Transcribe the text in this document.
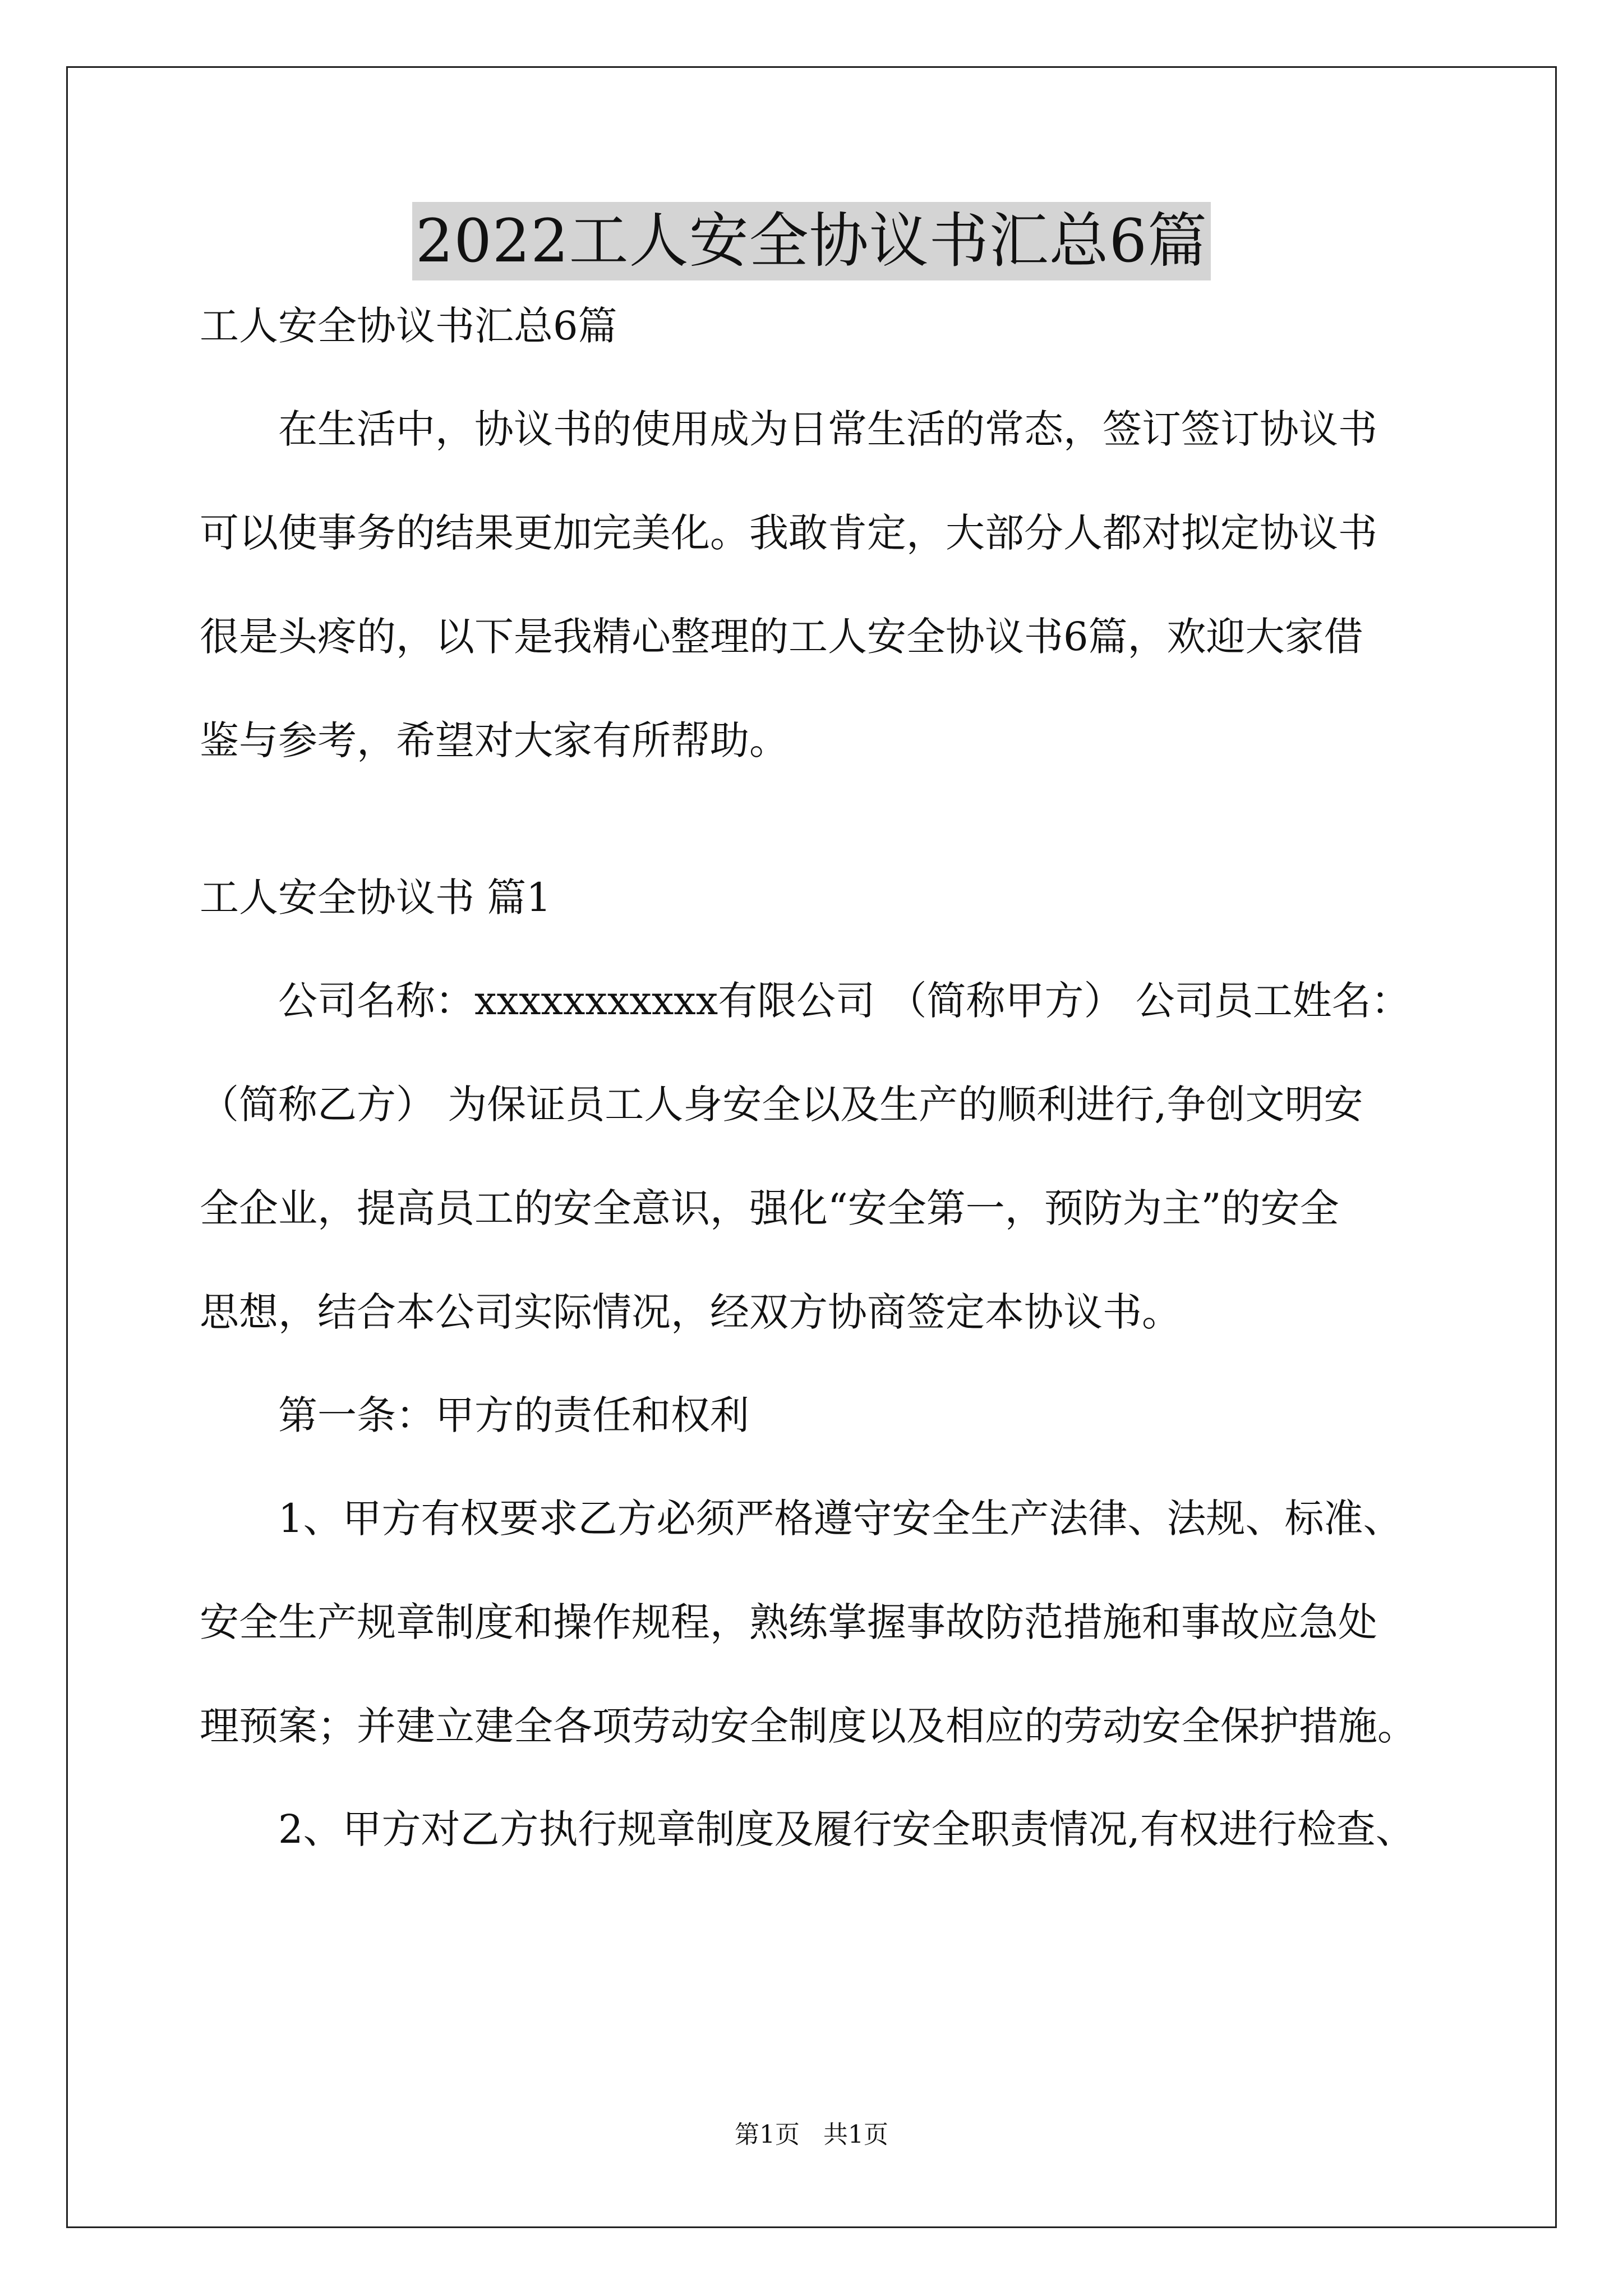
2022工人安全协议书汇总6篇

工人安全协议书汇总6篇

在生活中，协议书的使用成为日常生活的常态，签订签订协议书

可以使事务的结果更加完美化。我敢肯定，大部分人都对拟定协议书

很是头疼的，以下是我精心整理的工人安全协议书6篇，欢迎大家借

鉴与参考，希望对大家有所帮助。

工人安全协议书 篇1

公司名称：xxxxxxxxxxx有限公司 （简称甲方） 公司员工姓名：

（简称乙方） 为保证员工人身安全以及生产的顺利进行,争创文明安

全企业，提高员工的安全意识，强化“安全第一，预防为主”的安全

思想，结合本公司实际情况，经双方协商签定本协议书。

第一条：甲方的责任和权利

1、甲方有权要求乙方必须严格遵守安全生产法律、法规、标准、

安全生产规章制度和操作规程，熟练掌握事故防范措施和事故应急处

理预案；并建立建全各项劳动安全制度以及相应的劳动安全保护措施。

2、甲方对乙方执行规章制度及履行安全职责情况,有权进行检查、

第1页 共1页
